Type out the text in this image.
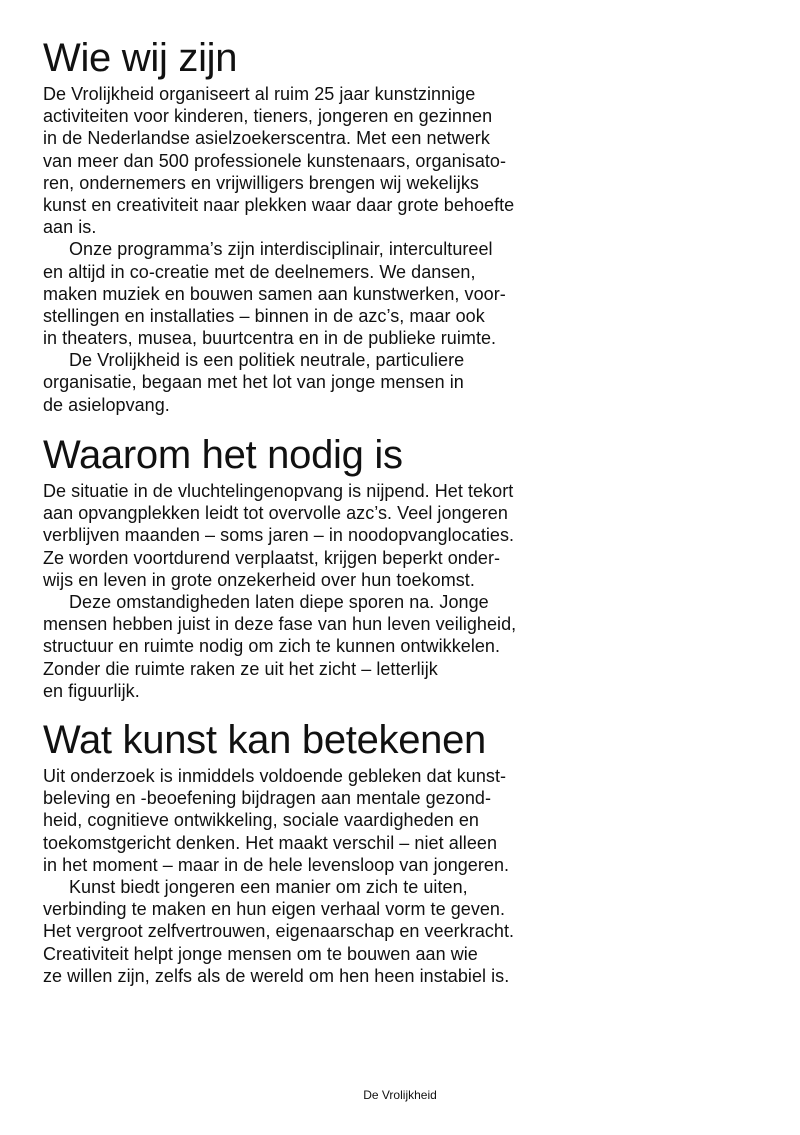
Wie wij zijn

De Vrolijkheid organiseert al ruim 25 jaar kunstzinnige
activiteiten voor kinderen, tieners, jongeren en gezinnen
in de Nederlandse asielzoekerscentra. Met een netwerk
van meer dan 500 professionele kunstenaars, organisato-
ren, ondernemers en vrijwilligers brengen wij wekelijks
kunst en creativiteit naar plekken waar daar grote behoefte
aan is.

Onze programma’s zijn interdisciplinair, intercultureel
en altijd in co-creatie met de deelnemers. We dansen,
maken muziek en bouwen samen aan kunstwerken, voor-
stellingen en installaties – binnen in de azc’s, maar ook
in theaters, musea, buurtcentra en in de publieke ruimte.

De Vrolijkheid is een politiek neutrale, particuliere
organisatie, begaan met het lot van jonge mensen in
de asielopvang.

Waarom het nodig is

De situatie in de vluchtelingenopvang is nijpend. Het tekort
aan opvangplekken leidt tot overvolle azc’s. Veel jongeren
verblijven maanden – soms jaren – in noodopvanglocaties.
Ze worden voortdurend verplaatst, krijgen beperkt onder-
wijs en leven in grote onzekerheid over hun toekomst.

Deze omstandigheden laten diepe sporen na. Jonge
mensen hebben juist in deze fase van hun leven veiligheid,
structuur en ruimte nodig om zich te kunnen ontwikkelen.
Zonder die ruimte raken ze uit het zicht – letterlijk
en figuurlijk.

Wat kunst kan betekenen

Uit onderzoek is inmiddels voldoende gebleken dat kunst-
beleving en -beoefening bijdragen aan mentale gezond-
heid, cognitieve ontwikkeling, sociale vaardigheden en
toekomstgericht denken. Het maakt verschil – niet alleen
in het moment – maar in de hele levensloop van jongeren.

Kunst biedt jongeren een manier om zich te uiten,
verbinding te maken en hun eigen verhaal vorm te geven.
Het vergroot zelfvertrouwen, eigenaarschap en veerkracht.
Creativiteit helpt jonge mensen om te bouwen aan wie
ze willen zijn, zelfs als de wereld om hen heen instabiel is.

De Vrolijkheid
